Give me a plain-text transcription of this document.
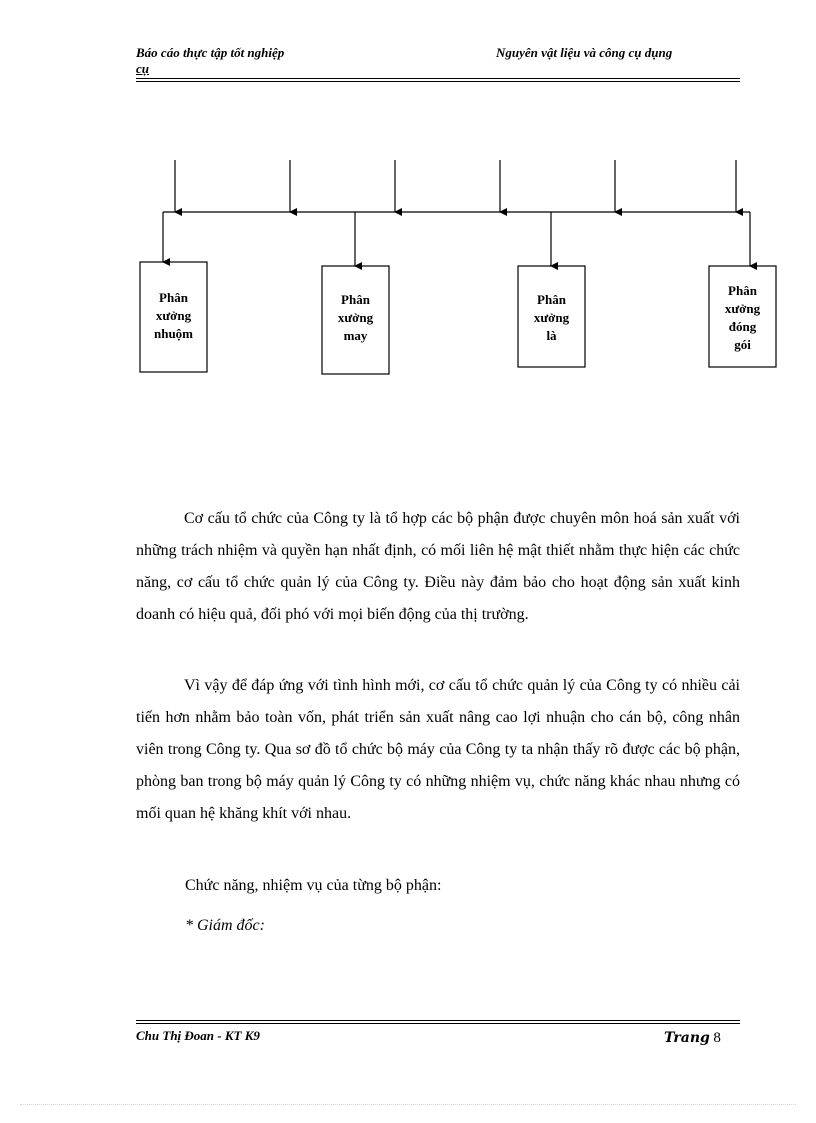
Báo cáo thực tập tốt nghiệp
cụ
Nguyên vật liệu và công cụ dụng
Phân
xưởng
nhuộm
Phân
xưởng
may
Phân
xưởng
là
Phân
xưởng
đóng
gói

Cơ cấu tổ chức của Công ty là tổ hợp các bộ phận được chuyên môn hoá sản xuất với những trách nhiệm và quyền hạn nhất định, có mối liên hệ mật thiết nhằm thực hiện các chức năng, cơ cấu tổ chức quản lý của Công ty. Điều này đảm bảo cho hoạt động sản xuất kinh doanh có hiệu quả, đối phó với mọi biến động của thị trường.

Vì vậy để đáp ứng với tình hình mới, cơ cấu tổ chức quản lý của Công ty có nhiều cải tiến hơn nhằm bảo toàn vốn, phát triển sản xuất nâng cao lợi nhuận cho cán bộ, công nhân viên trong Công ty. Qua sơ đồ tổ chức bộ máy của Công ty ta nhận thấy rõ được các bộ phận, phòng ban trong bộ máy quản lý Công ty có những nhiệm vụ, chức năng khác nhau nhưng có mối quan hệ khăng khít với nhau.

Chức năng, nhiệm vụ của từng bộ phận:
* Giám đốc:
Chu Thị Đoan - KT K9	Trang 8
